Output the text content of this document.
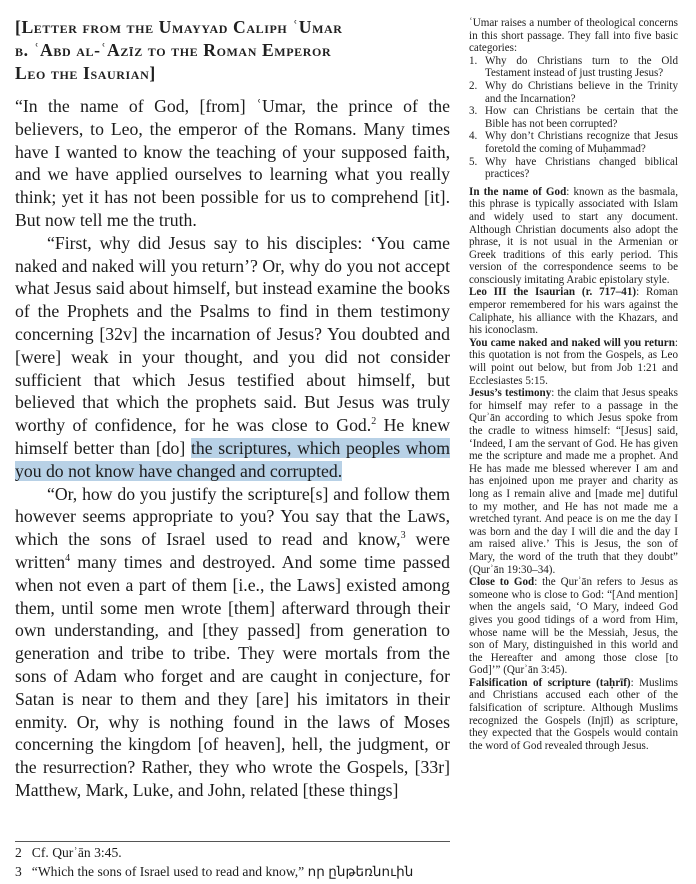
[Letter from the Umayyad Caliph ʿUmar
b. ʿAbd al-ʿAzīz to the Roman Emperor
Leo the Isaurian]

“In the name of God, [from] ʿUmar, the prince of the believers, to Leo, the emperor of the Romans. Many times have I wanted to know the teaching of your supposed faith, and we have applied ourselves to learning what you really think; yet it has not been possible for us to comprehend [it]. But now tell me the truth.

“First, why did Jesus say to his disciples: ‘You came naked and naked will you return’? Or, why do you not accept what Jesus said about himself, but instead examine the books of the Prophets and the Psalms to find in them testimony concerning [32v] the incarnation of Jesus? You doubted and [were] weak in your thought, and you did not consider sufficient that which Jesus testified about himself, but believed that which the prophets said. But Jesus was truly worthy of confidence, for he was close to God.$^2$ He knew himself better than [do] the scriptures, which peoples whom you do not know have changed and corrupted.

“Or, how do you justify the scripture[s] and follow them however seems appropriate to you? You say that the Laws, which the sons of Israel used to read and know,$^3$ were written$^4$ many times and destroyed. And some time passed when not even a part of them [i.e., the Laws] existed among them, until some men wrote [them] afterward through their own understanding, and [they passed] from generation to generation and tribe to tribe. They were mortals from the sons of Adam who forget and are caught in conjecture, for Satan is near to them and they [are] his imitators in their enmity. Or, why is nothing found in the laws of Moses concerning the kingdom [of heaven], hell, the judgment, or the resurrection? Rather, they who wrote the Gospels, [33r] Matthew, Mark, Luke, and John, related [these things]

2 Cf. Qurʾān 3:45.
3 “Which the sons of Israel used to read and know,” որ ընթեռնուին

ʿUmar raises a number of theological concerns in this short passage. They fall into five basic categories:

1. Why do Christians turn to the Old Testament instead of just trusting Jesus?
2. Why do Christians believe in the Trinity and the Incarnation?
3. How can Christians be certain that the Bible has not been corrupted?
4. Why don’t Christians recognize that Jesus foretold the coming of Muḥammad?
5. Why have Christians changed biblical practices?

In the name of God: known as the basmala, this phrase is typically associated with Islam and widely used to start any document. Although Christian documents also adopt the phrase, it is not usual in the Armenian or Greek traditions of this early period. This version of the correspondence seems to be consciously imitating Arabic epistolary style.

Leo III the Isaurian (r. 717–41): Roman emperor remembered for his wars against the Caliphate, his alliance with the Khazars, and his iconoclasm.

You came naked and naked will you return: this quotation is not from the Gospels, as Leo will point out below, but from Job 1:21 and Ecclesiastes 5:15.

Jesus’s testimony: the claim that Jesus speaks for himself may refer to a passage in the Qurʾān according to which Jesus spoke from the cradle to witness himself: “[Jesus] said, ‘Indeed, I am the servant of God. He has given me the scripture and made me a prophet. And He has made me blessed wherever I am and has enjoined upon me prayer and charity as long as I remain alive and [made me] dutiful to my mother, and He has not made me a wretched tyrant. And peace is on me the day I was born and the day I will die and the day I am raised alive.’ This is Jesus, the son of Mary, the word of the truth that they doubt” (Qurʾān 19:30–34).

Close to God: the Qurʾān refers to Jesus as someone who is close to God: “[And mention] when the angels said, ‘O Mary, indeed God gives you good tidings of a word from Him, whose name will be the Messiah, Jesus, the son of Mary, distinguished in this world and the Hereafter and among those close [to God]’” (Qurʾān 3:45).

Falsification of scripture (taḥrīf): Muslims and Christians accused each other of the falsification of scripture. Although Muslims recognized the Gospels (Injīl) as scripture, they expected that the Gospels would contain the word of God revealed through Jesus.
